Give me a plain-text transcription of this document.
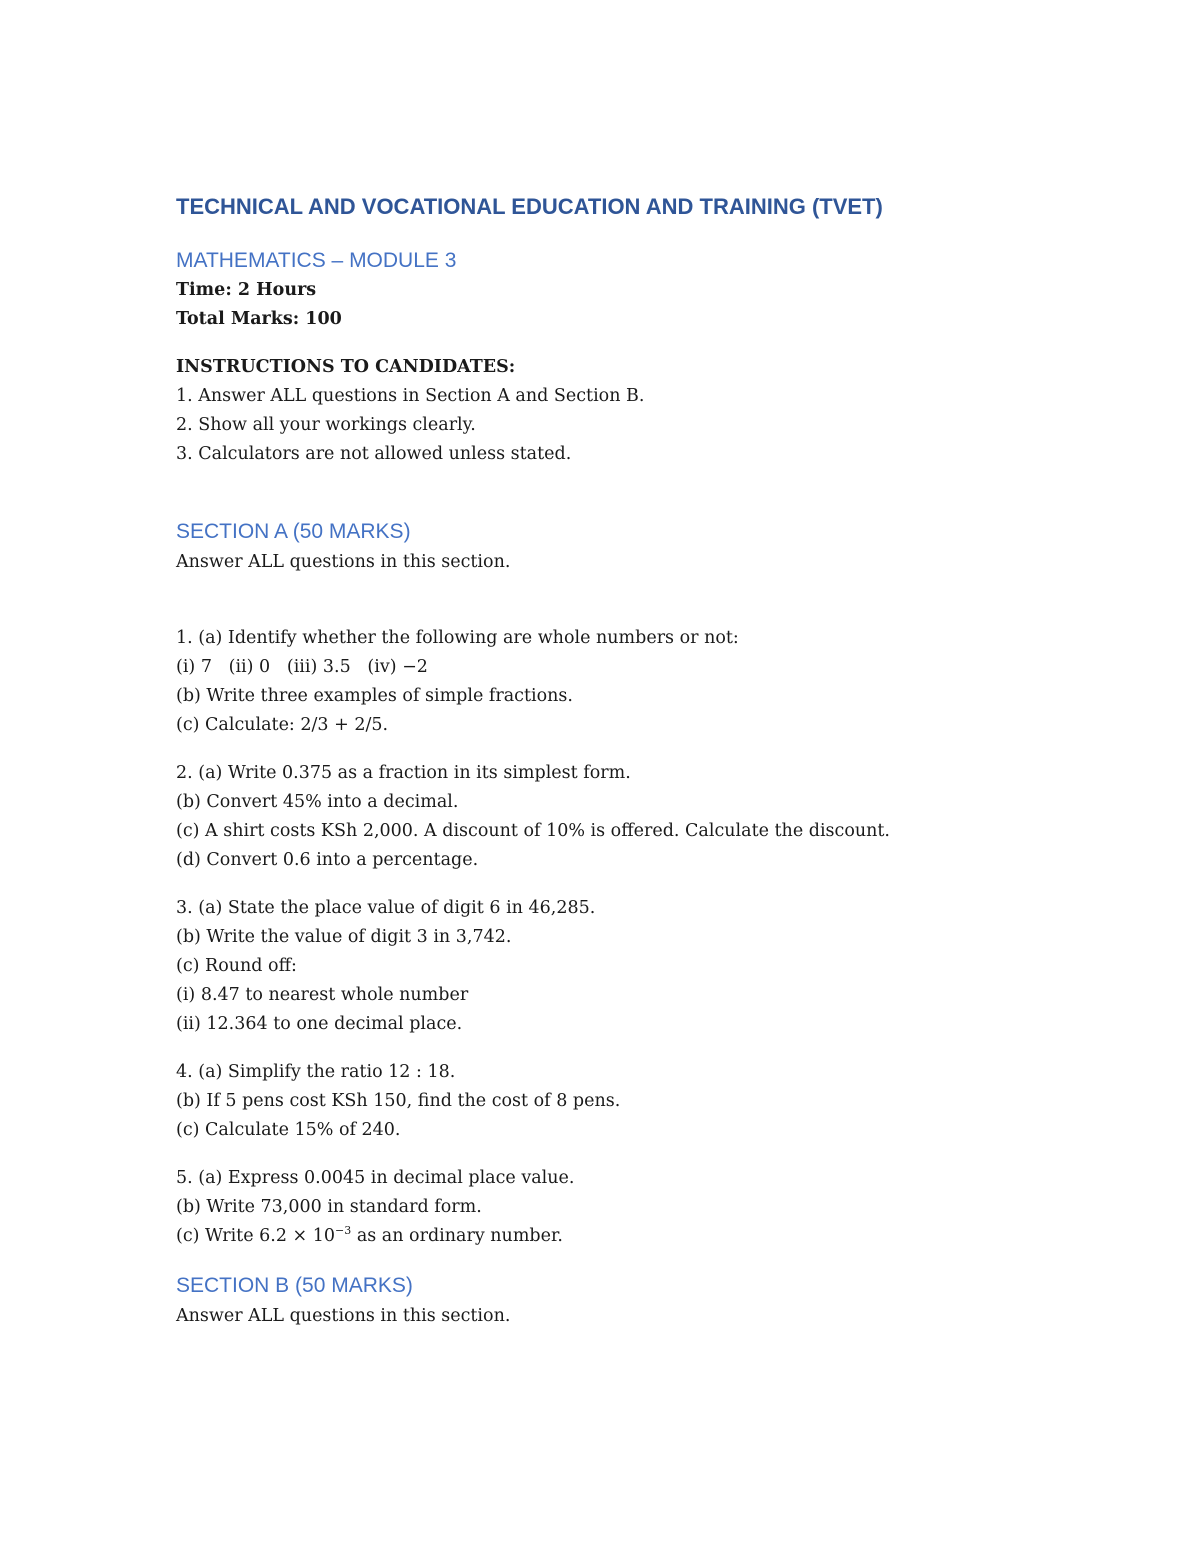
TECHNICAL AND VOCATIONAL EDUCATION AND TRAINING (TVET)

MATHEMATICS – MODULE 3

Time: 2 Hours

Total Marks: 100

INSTRUCTIONS TO CANDIDATES:

1. Answer ALL questions in Section A and Section B.

2. Show all your workings clearly.

3. Calculators are not allowed unless stated.

SECTION A (50 MARKS)

Answer ALL questions in this section.

1. (a) Identify whether the following are whole numbers or not:

(i) 7   (ii) 0   (iii) 3.5   (iv) −2

(b) Write three examples of simple fractions.

(c) Calculate: 2/3 + 2/5.

2. (a) Write 0.375 as a fraction in its simplest form.

(b) Convert 45% into a decimal.

(c) A shirt costs KSh 2,000. A discount of 10% is offered. Calculate the discount.

(d) Convert 0.6 into a percentage.

3. (a) State the place value of digit 6 in 46,285.

(b) Write the value of digit 3 in 3,742.

(c) Round off:

(i) 8.47 to nearest whole number

(ii) 12.364 to one decimal place.

4. (a) Simplify the ratio 12 : 18.

(b) If 5 pens cost KSh 150, find the cost of 8 pens.

(c) Calculate 15% of 240.

5. (a) Express 0.0045 in decimal place value.

(b) Write 73,000 in standard form.

(c) Write $6.2 \times 10^{-3}$ as an ordinary number.

SECTION B (50 MARKS)

Answer ALL questions in this section.
